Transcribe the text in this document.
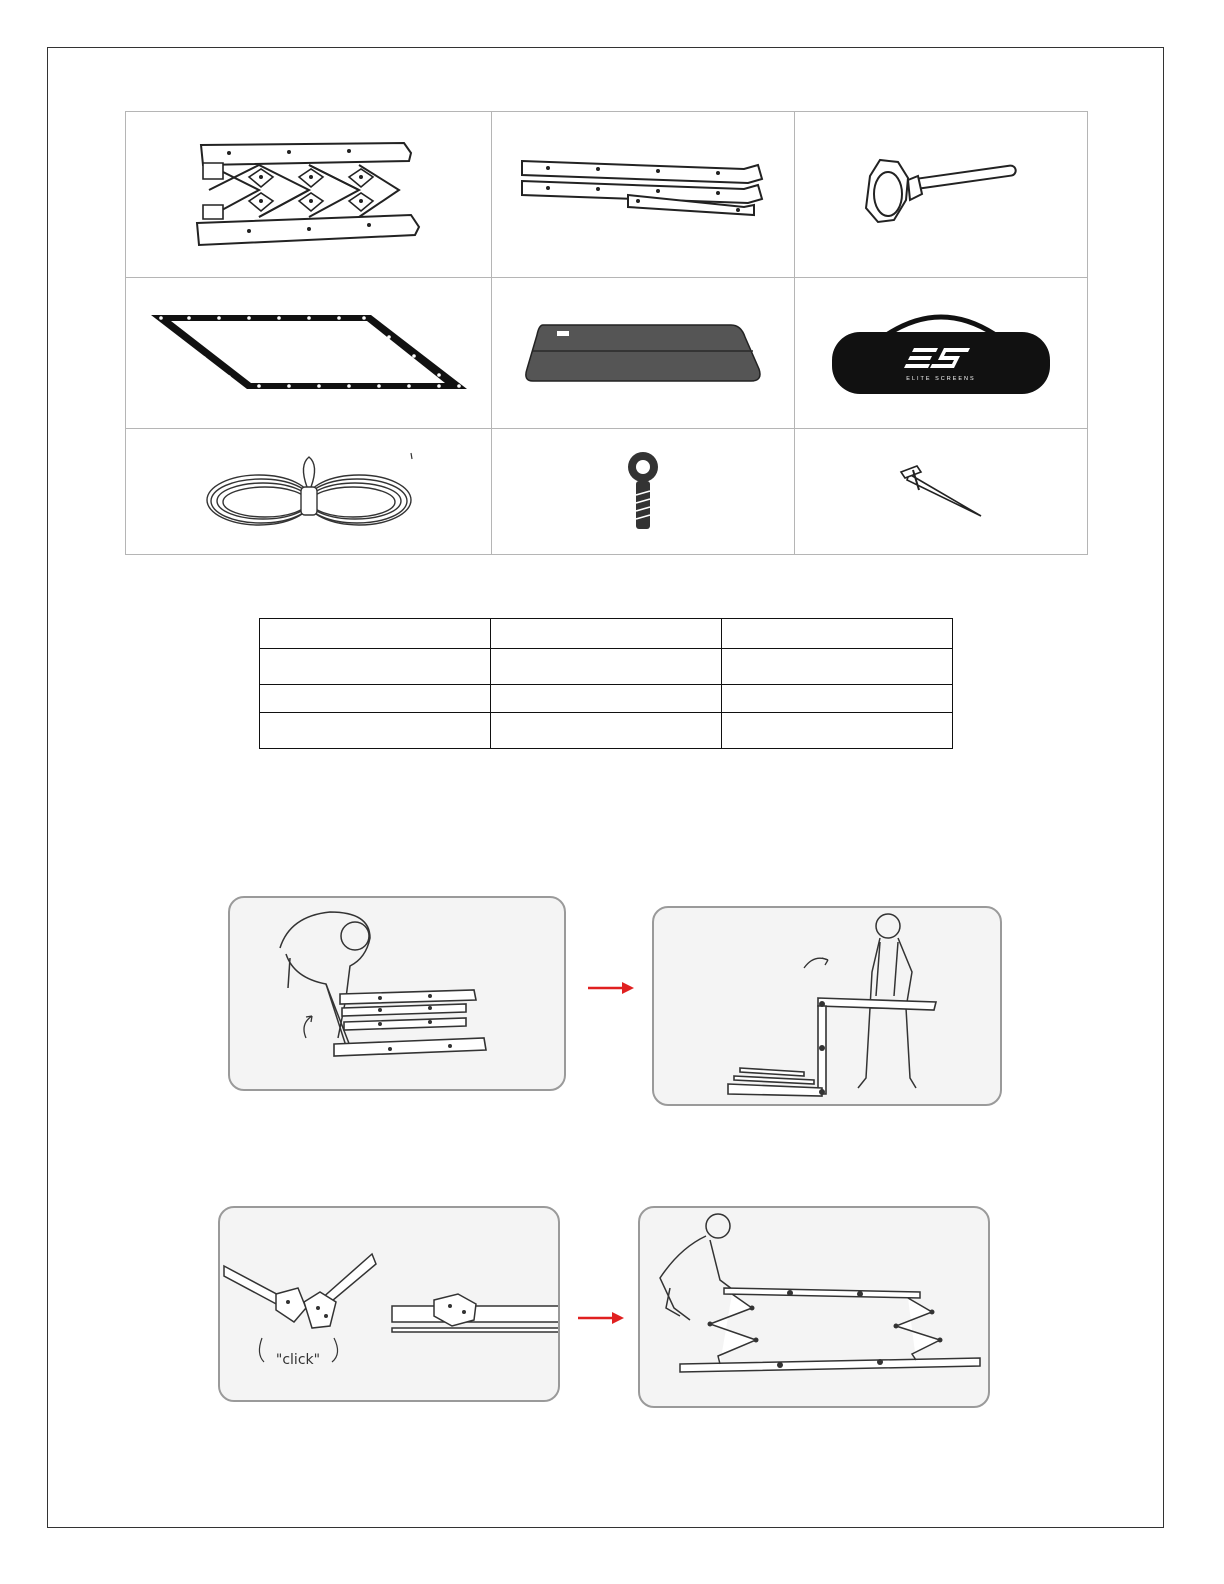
ELITE SCREENS

"click"
